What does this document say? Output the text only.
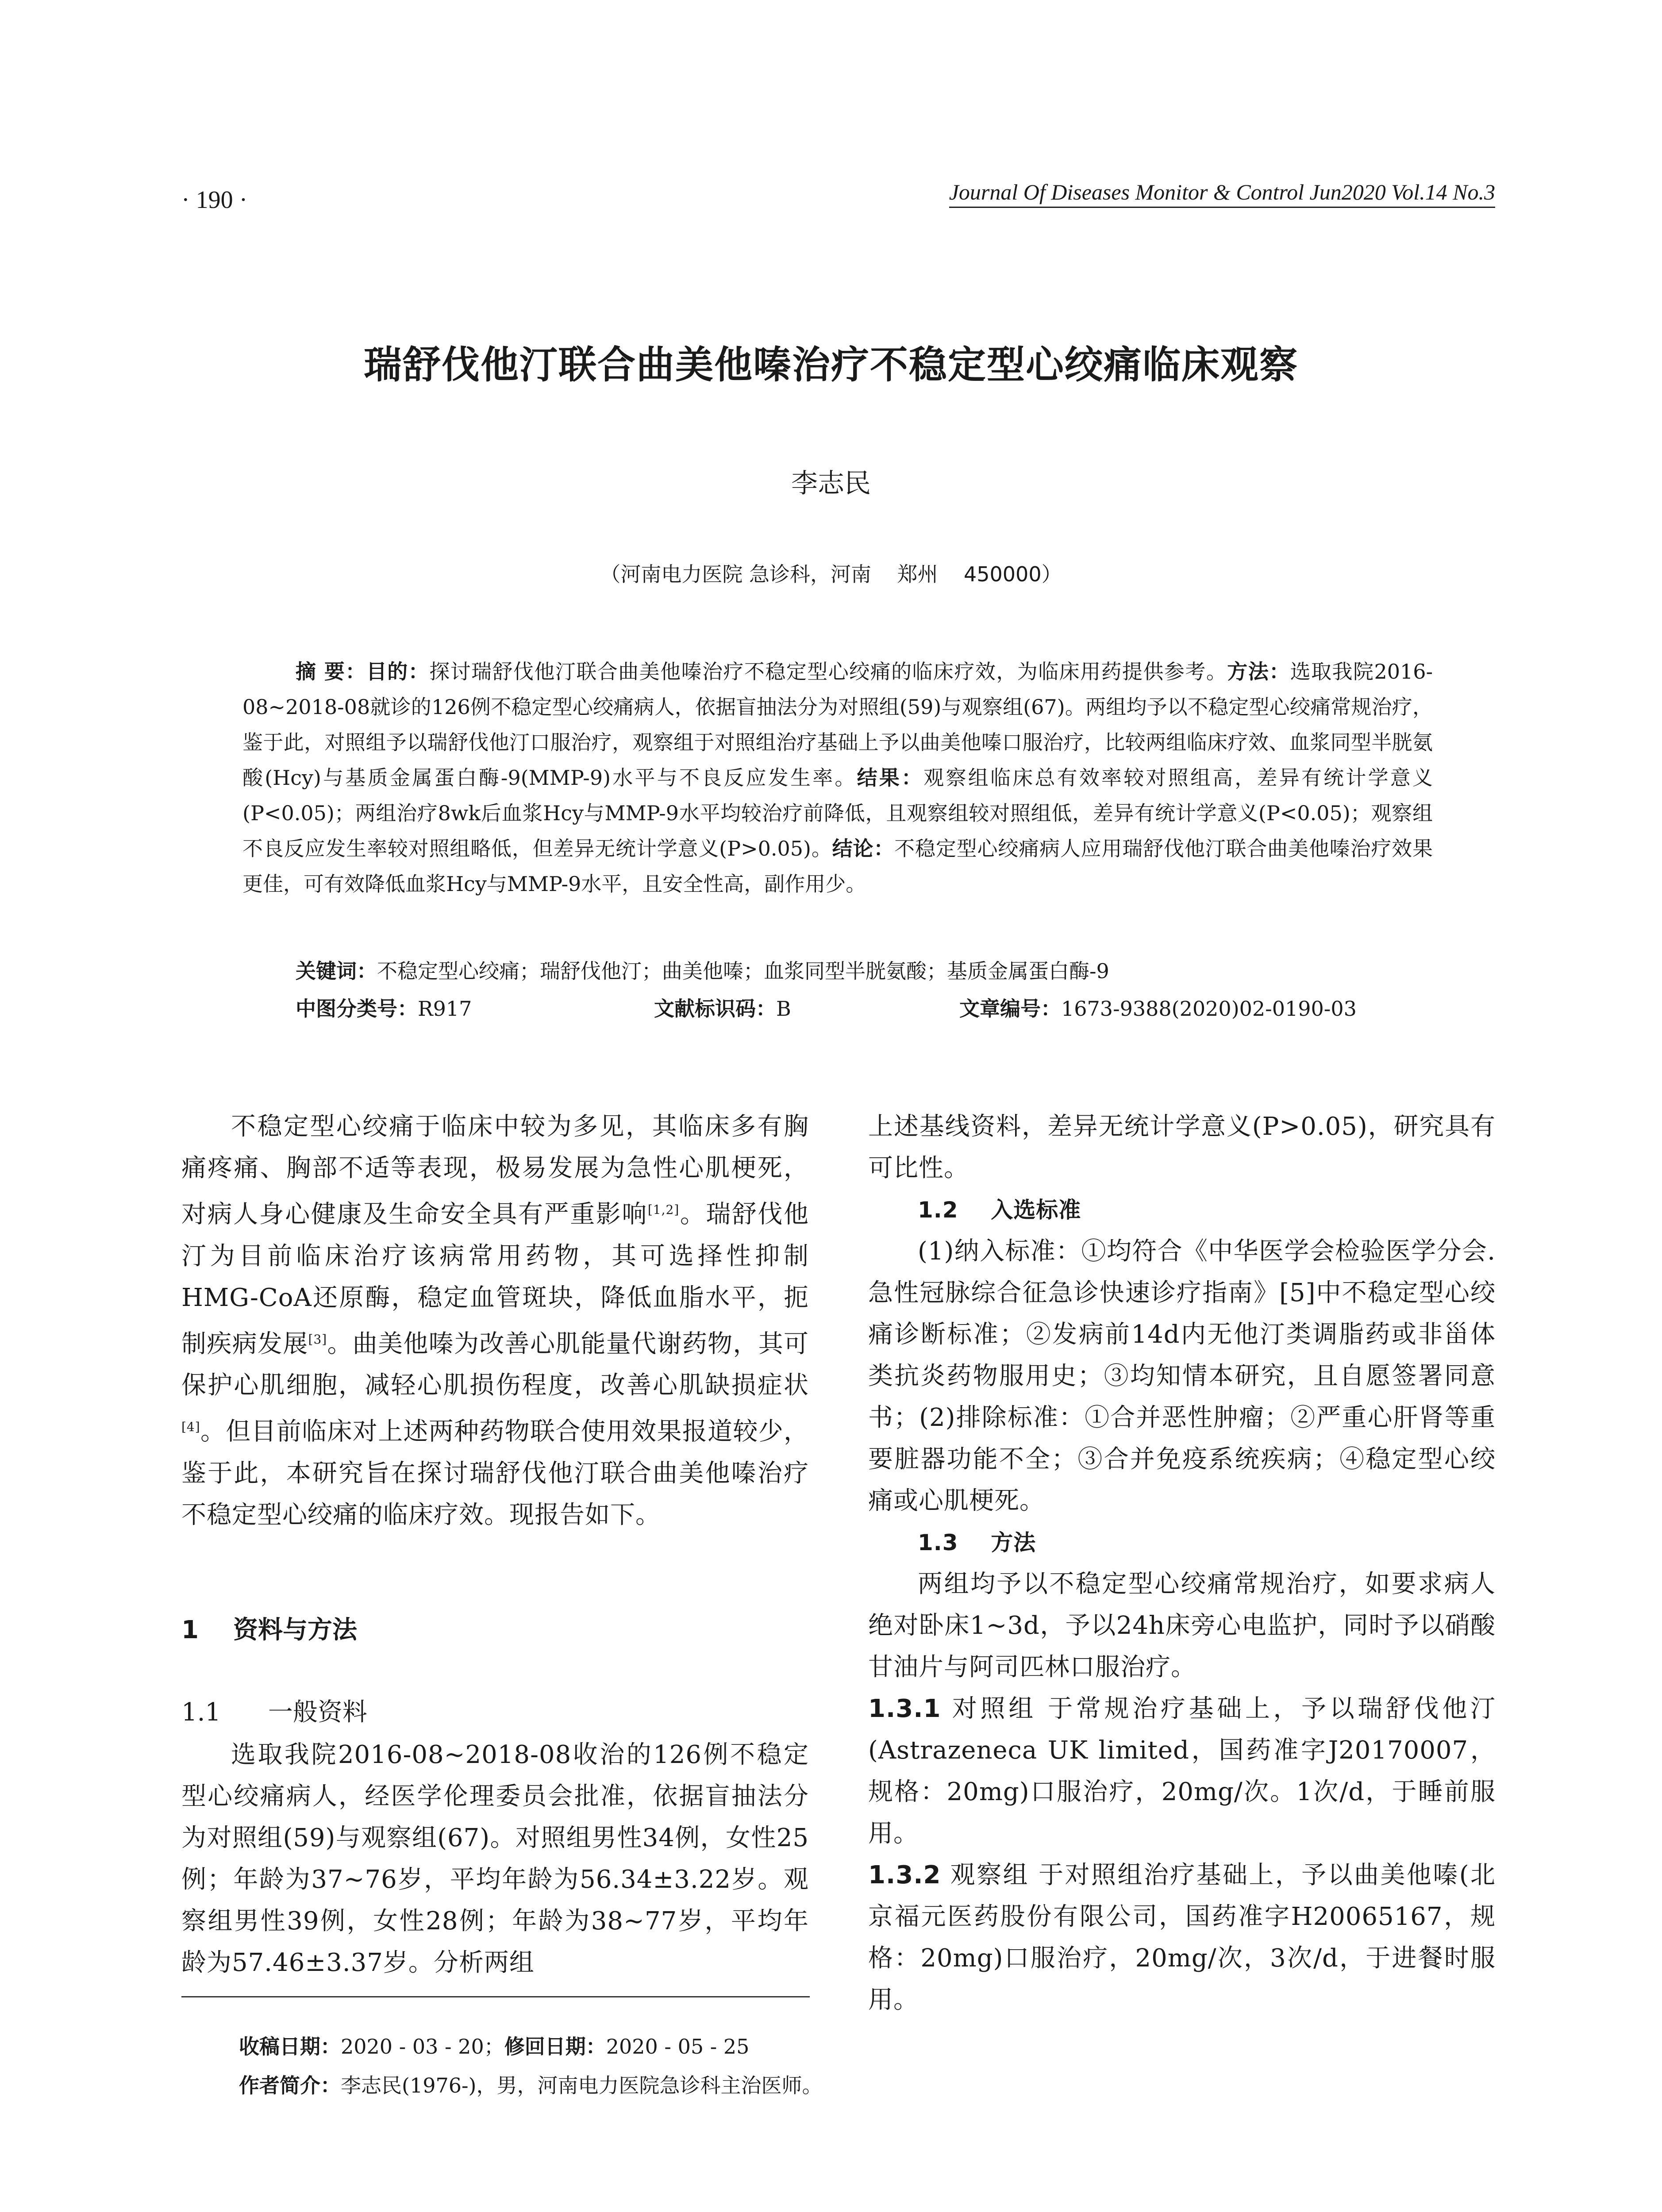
· 190 ·	Journal Of Diseases Monitor & Control Jun2020 Vol.14 No.3
瑞舒伐他汀联合曲美他嗪治疗不稳定型心绞痛临床观察
李志民
（河南电力医院 急诊科，河南    郑州    450000）
摘 要：目的：探讨瑞舒伐他汀联合曲美他嗪治疗不稳定型心绞痛的临床疗效，为临床用药提供参考。方法：选取我院2016-08~2018-08就诊的126例不稳定型心绞痛病人，依据盲抽法分为对照组(59)与观察组(67)。两组均予以不稳定型心绞痛常规治疗，鉴于此，对照组予以瑞舒伐他汀口服治疗，观察组于对照组治疗基础上予以曲美他嗪口服治疗，比较两组临床疗效、血浆同型半胱氨酸(Hcy)与基质金属蛋白酶-9(MMP-9)水平与不良反应发生率。结果：观察组临床总有效率较对照组高，差异有统计学意义(P<0.05)；两组治疗8wk后血浆Hcy与MMP-9水平均较治疗前降低，且观察组较对照组低，差异有统计学意义(P<0.05)；观察组不良反应发生率较对照组略低，但差异无统计学意义(P>0.05)。结论：不稳定型心绞痛病人应用瑞舒伐他汀联合曲美他嗪治疗效果更佳，可有效降低血浆Hcy与MMP-9水平，且安全性高，副作用少。
关键词：不稳定型心绞痛；瑞舒伐他汀；曲美他嗪；血浆同型半胱氨酸；基质金属蛋白酶-9
中图分类号：R917	文献标识码：B	文章编号：1673-9388(2020)02-0190-03

不稳定型心绞痛于临床中较为多见，其临床多有胸痛疼痛、胸部不适等表现，极易发展为急性心肌梗死，对病人身心健康及生命安全具有严重影响[1,2]。瑞舒伐他汀为目前临床治疗该病常用药物，其可选择性抑制HMG-CoA还原酶，稳定血管斑块，降低血脂水平，扼制疾病发展[3]。曲美他嗪为改善心肌能量代谢药物，其可保护心肌细胞，减轻心肌损伤程度，改善心肌缺损症状[4]。但目前临床对上述两种药物联合使用效果报道较少，鉴于此，本研究旨在探讨瑞舒伐他汀联合曲美他嗪治疗不稳定型心绞痛的临床疗效。现报告如下。

1    资料与方法
1.1      一般资料

选取我院2016-08~2018-08收治的126例不稳定型心绞痛病人，经医学伦理委员会批准，依据盲抽法分为对照组(59)与观察组(67)。对照组男性34例，女性25例；年龄为37~76岁，平均年龄为56.34±3.22岁。观察组男性39例，女性28例；年龄为38~77岁，平均年龄为57.46±3.37岁。分析两组

上述基线资料，差异无统计学意义(P>0.05)，研究具有可比性。

1.2    入选标准

(1)纳入标准：①均符合《中华医学会检验医学分会.急性冠脉综合征急诊快速诊疗指南》[5]中不稳定型心绞痛诊断标准；②发病前14d内无他汀类调脂药或非甾体类抗炎药物服用史；③均知情本研究，且自愿签署同意书；(2)排除标准：①合并恶性肿瘤；②严重心肝肾等重要脏器功能不全；③合并免疫系统疾病；④稳定型心绞痛或心肌梗死。

1.3    方法

两组均予以不稳定型心绞痛常规治疗，如要求病人绝对卧床1~3d，予以24h床旁心电监护，同时予以硝酸甘油片与阿司匹林口服治疗。

1.3.1 对照组 于常规治疗基础上，予以瑞舒伐他汀(Astrazeneca UK limited，国药准字J20170007，规格：20mg)口服治疗，20mg/次。1次/d，于睡前服用。

1.3.2 观察组 于对照组治疗基础上，予以曲美他嗪(北京福元医药股份有限公司，国药准字H20065167，规格：20mg)口服治疗，20mg/次，3次/d，于进餐时服用。

收稿日期：2020 - 03 - 20；修回日期：2020 - 05 - 25
作者简介：李志民(1976-)，男，河南电力医院急诊科主治医师。
